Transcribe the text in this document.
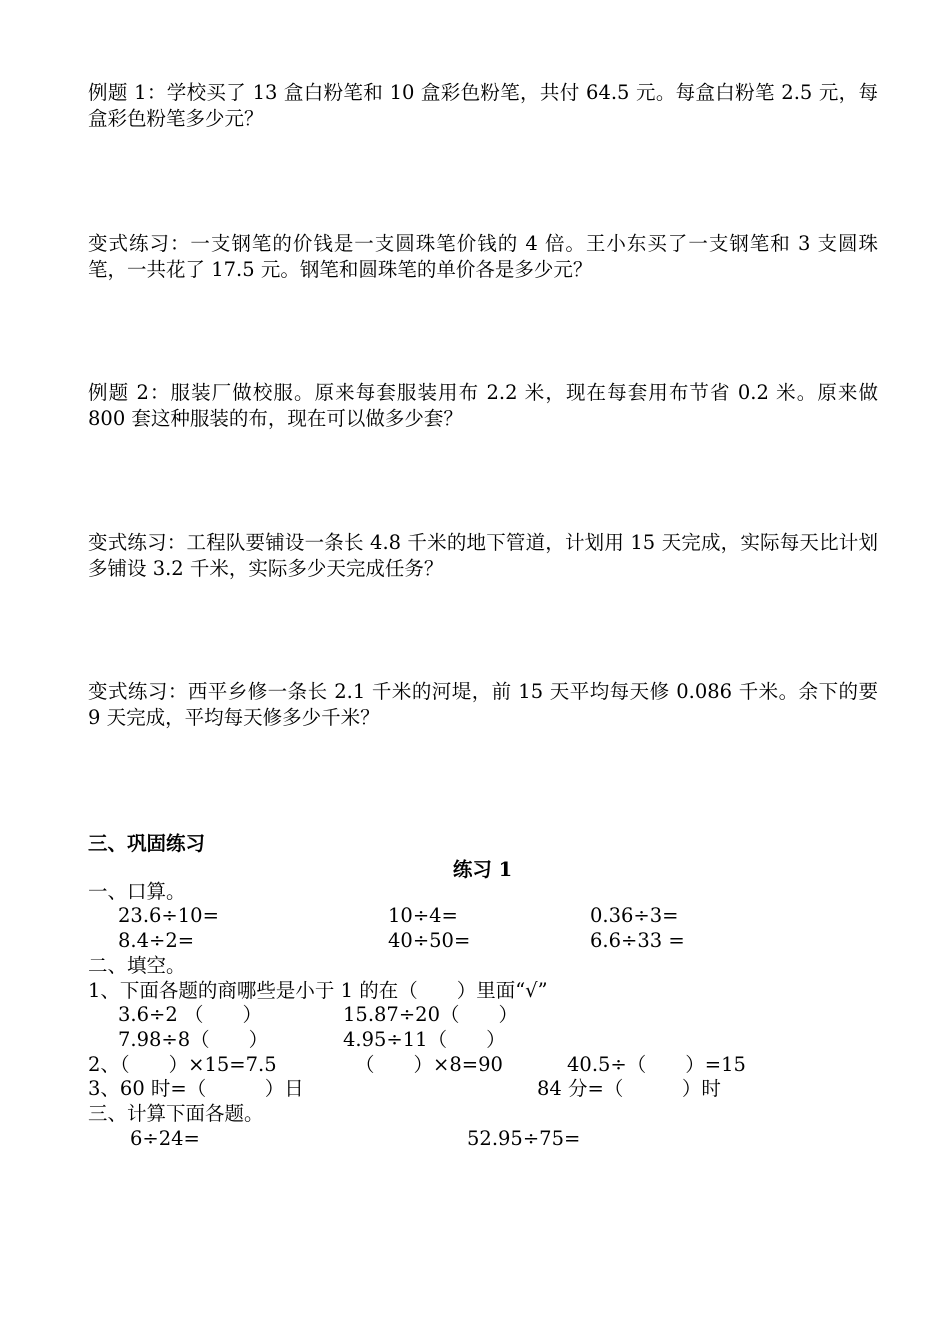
例题 1：学校买了 13 盒白粉笔和 10 盒彩色粉笔，共付 64.5 元。每盒白粉笔 2.5 元，每盒彩色粉笔多少元？
变式练习：一支钢笔的价钱是一支圆珠笔价钱的 4 倍。王小东买了一支钢笔和 3 支圆珠笔，一共花了 17.5 元。钢笔和圆珠笔的单价各是多少元？
例题 2：服装厂做校服。原来每套服装用布 2.2 米，现在每套用布节省 0.2 米。原来做 800 套这种服装的布，现在可以做多少套？
变式练习：工程队要铺设一条长 4.8 千米的地下管道，计划用 15 天完成，实际每天比计划多铺设 3.2 千米，实际多少天完成任务？
变式练习：西平乡修一条长 2.1 千米的河堤，前 15 天平均每天修 0.086 千米。余下的要 9 天完成，平均每天修多少千米？
三、巩固练习
练习 1
一、口算。
23.6÷10=	10÷4=	0.36÷3=
8.4÷2=	40÷50=	6.6÷33 =
二、填空。
1、下面各题的商哪些是小于 1 的在（　　）里面“√”
3.6÷2 （　　）	15.87÷20（　　）
7.98÷8（　　）	4.95÷11（　　）
2、（　　）×15=7.5	（　　）×8=90	40.5÷（　　）=15
3、60 时=（　　　）日	84 分=（　　　）时
三、计算下面各题。
6÷24=	52.95÷75=
